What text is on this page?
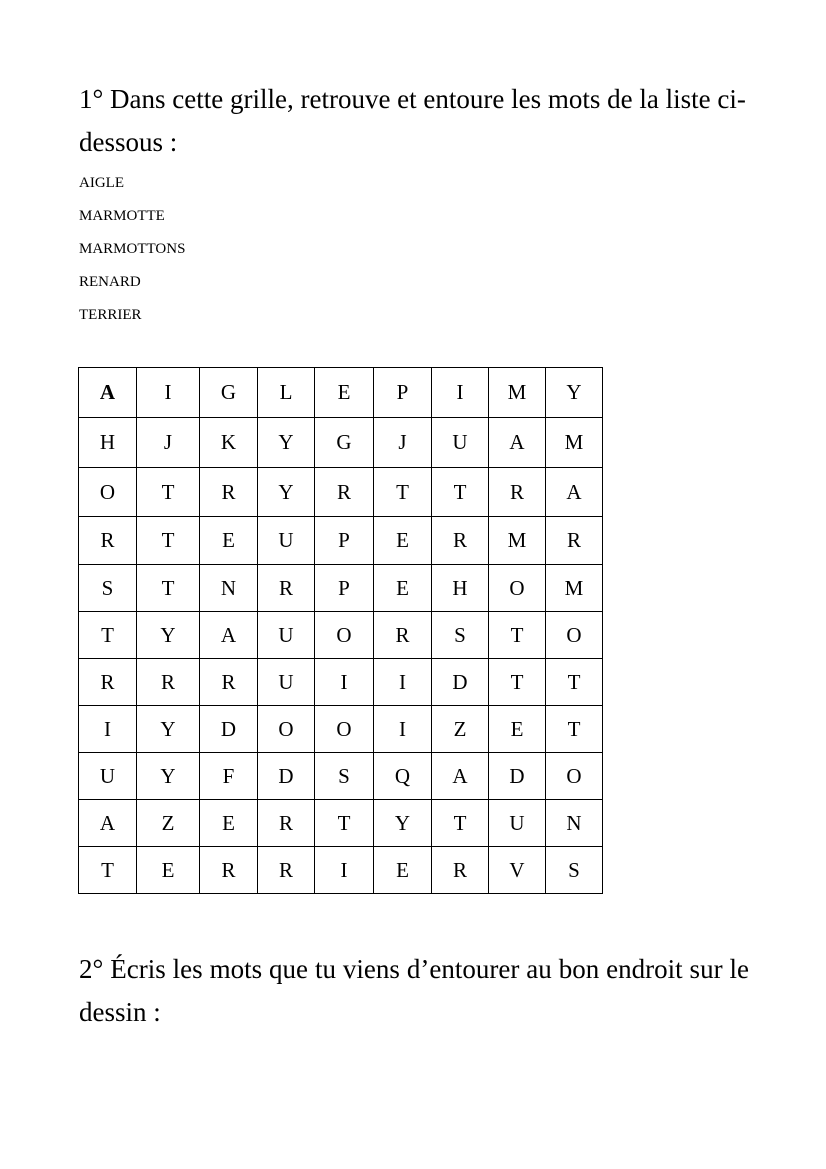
1° Dans cette grille, retrouve et entoure les mots de la liste ci-dessous :

AIGLE
MARMOTTE
MARMOTTONS
RENARD
TERRIER
A	I	G	L	E	P	I	M	Y
H	J	K	Y	G	J	U	A	M
O	T	R	Y	R	T	T	R	A
R	T	E	U	P	E	R	M	R
S	T	N	R	P	E	H	O	M
T	Y	A	U	O	R	S	T	O
R	R	R	U	I	I	D	T	T
I	Y	D	O	O	I	Z	E	T
U	Y	F	D	S	Q	A	D	O
A	Z	E	R	T	Y	T	U	N
T	E	R	R	I	E	R	V	S

2° Écris les mots que tu viens d’entourer au bon endroit sur le dessin :
